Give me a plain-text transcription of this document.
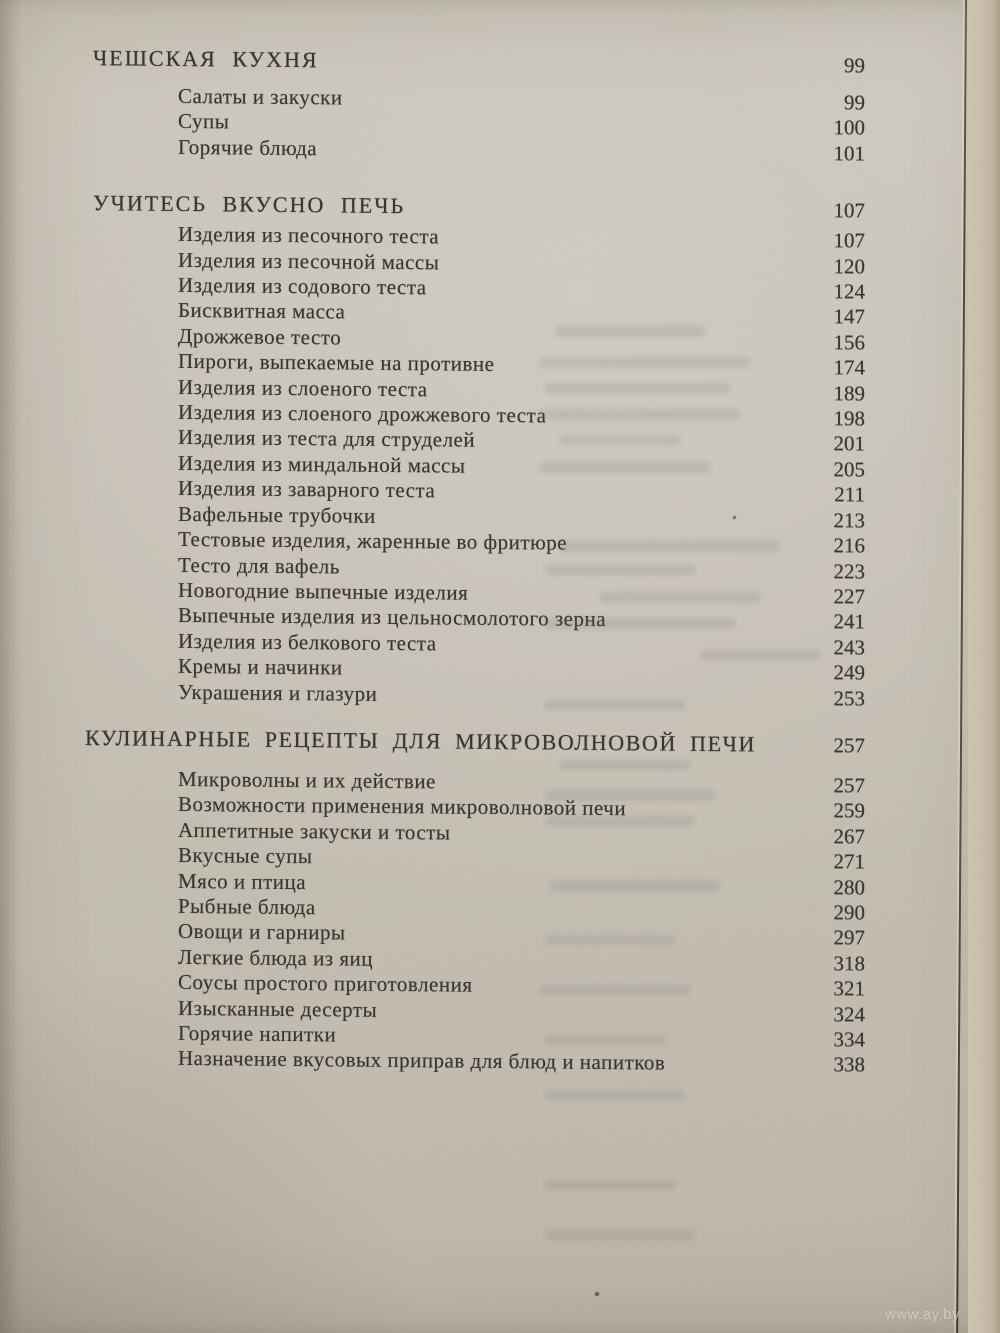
ЧЕШСКАЯ КУХНЯ	99
Салаты и закуски	99
Супы	100
Горячие блюда	101
УЧИТЕСЬ ВКУСНО ПЕЧЬ	107
Изделия из песочного теста	107
Изделия из песочной массы	120
Изделия из содового теста	124
Бисквитная масса	147
Дрожжевое тесто	156
Пироги, выпекаемые на противне	174
Изделия из слоеного теста	189
Изделия из слоеного дрожжевого теста	198
Изделия из теста для струделей	201
Изделия из миндальной массы	205
Изделия из заварного теста	211
Вафельные трубочки	213
Тестовые изделия, жаренные во фритюре	216
Тесто для вафель	223
Новогодние выпечные изделия	227
Выпечные изделия из цельносмолотого зерна	241
Изделия из белкового теста	243
Кремы и начинки	249
Украшения и глазури	253
КУЛИНАРНЫЕ РЕЦЕПТЫ ДЛЯ МИКРОВОЛНОВОЙ ПЕЧИ	257
Микроволны и их действие	257
Возможности применения микроволновой печи	259
Аппетитные закуски и тосты	267
Вкусные супы	271
Мясо и птица	280
Рыбные блюда	290
Овощи и гарниры	297
Легкие блюда из яиц	318
Соусы простого приготовления	321
Изысканные десерты	324
Горячие напитки	334
Назначение вкусовых приправ для блюд и напитков	338
www.ay.by
